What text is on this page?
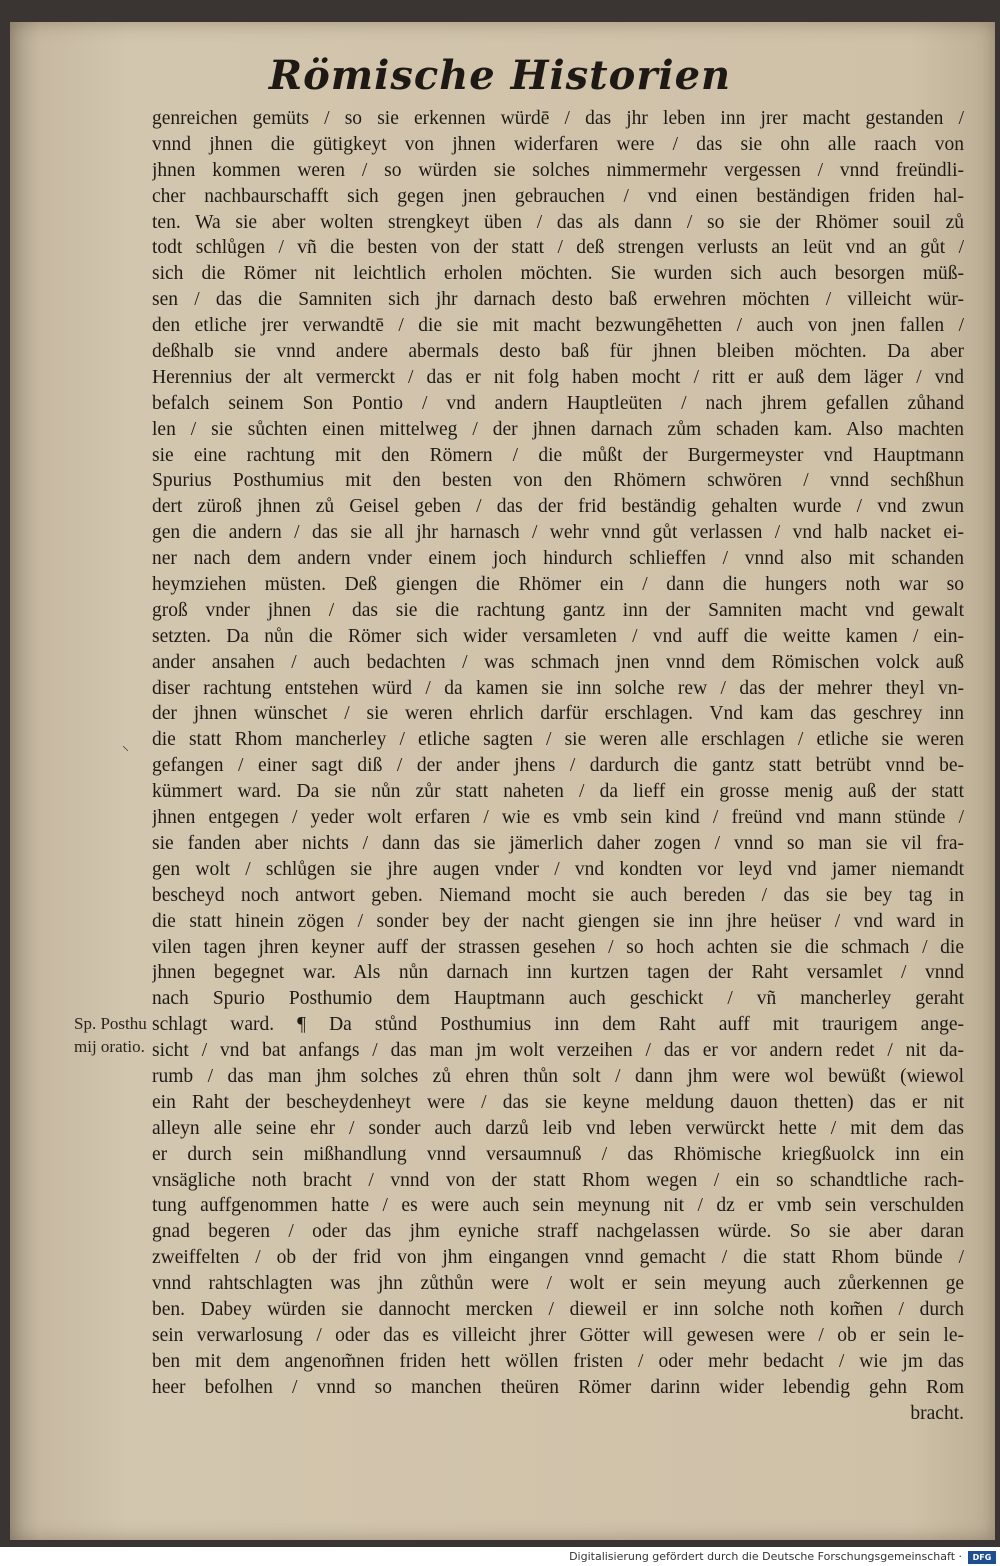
Römische Historien
genreichen gemüts / so sie erkennen würdē / das jhr leben inn jrer macht gestanden /
vnnd jhnen die gütigkeyt von jhnen widerfaren were / das sie ohn alle raach von
jhnen kommen weren / so würden sie solches nimmermehr vergessen / vnnd freündli-
cher nachbaurschafft sich gegen jnen gebrauchen / vnd einen beständigen friden hal-
ten. Wa sie aber wolten strengkeyt üben / das als dann / so sie der Rhömer souil zů
todt schlůgen / vñ die besten von der statt / deß strengen verlusts an leüt vnd an gůt /
sich die Römer nit leichtlich erholen möchten. Sie wurden sich auch besorgen müß-
sen / das die Samniten sich jhr darnach desto baß erwehren möchten / villeicht wür-
den etliche jrer verwandtē / die sie mit macht bezwungēhetten / auch von jnen fallen /
deßhalb sie vnnd andere abermals desto baß für jhnen bleiben möchten. Da aber
Herennius der alt vermerckt / das er nit folg haben mocht / ritt er auß dem läger / vnd
befalch seinem Son Pontio / vnd andern Hauptleüten / nach jhrem gefallen zůhand
len / sie sůchten einen mittelweg / der jhnen darnach zům schaden kam. Also machten
sie eine rachtung mit den Römern / die můßt der Burgermeyster vnd Hauptmann
Spurius Posthumius mit den besten von den Rhömern schwören / vnnd sechßhun
dert züroß jhnen zů Geisel geben / das der frid beständig gehalten wurde / vnd zwun
gen die andern / das sie all jhr harnasch / wehr vnnd gůt verlassen / vnd halb nacket ei-
ner nach dem andern vnder einem joch hindurch schlieffen / vnnd also mit schanden
heymziehen müsten. Deß giengen die Rhömer ein / dann die hungers noth war so
groß vnder jhnen / das sie die rachtung gantz inn der Samniten macht vnd gewalt
setzten. Da nůn die Römer sich wider versamleten / vnd auff die weitte kamen / ein-
ander ansahen / auch bedachten / was schmach jnen vnnd dem Römischen volck auß
diser rachtung entstehen würd / da kamen sie inn solche rew / das der mehrer theyl vn-
der jhnen wünschet / sie weren ehrlich darfür erschlagen. Vnd kam das geschrey inn
die statt Rhom mancherley / etliche sagten / sie weren alle erschlagen / etliche sie weren
gefangen / einer sagt diß / der ander jhens / dardurch die gantz statt betrübt vnnd be-
kümmert ward. Da sie nůn zůr statt naheten / da lieff ein grosse menig auß der statt
jhnen entgegen / yeder wolt erfaren / wie es vmb sein kind / freünd vnd mann stünde /
sie fanden aber nichts / dann das sie jämerlich daher zogen / vnnd so man sie vil fra-
gen wolt / schlůgen sie jhre augen vnder / vnd kondten vor leyd vnd jamer niemandt
bescheyd noch antwort geben. Niemand mocht sie auch bereden / das sie bey tag in
die statt hinein zögen / sonder bey der nacht giengen sie inn jhre heüser / vnd ward in
vilen tagen jhren keyner auff der strassen gesehen / so hoch achten sie die schmach / die
jhnen begegnet war. Als nůn darnach inn kurtzen tagen der Raht versamlet / vnnd
nach Spurio Posthumio dem Hauptmann auch geschickt / vñ mancherley geraht
schlagt ward. ¶ Da stůnd Posthumius inn dem Raht auff mit traurigem ange-
sicht / vnd bat anfangs / das man jm wolt verzeihen / das er vor andern redet / nit da-
rumb / das man jhm solches zů ehren thůn solt / dann jhm were wol bewüßt (wiewol
ein Raht der bescheydenheyt were / das sie keyne meldung dauon thetten) das er nit
alleyn alle seine ehr / sonder auch darzů leib vnd leben verwürckt hette / mit dem das
er durch sein mißhandlung vnnd versaumnuß / das Rhömische kriegßuolck inn ein
vnsägliche noth bracht / vnnd von der statt Rhom wegen / ein so schandtliche rach-
tung auffgenommen hatte / es were auch sein meynung nit / dz er vmb sein verschulden
gnad begeren / oder das jhm eyniche straff nachgelassen würde. So sie aber daran
zweiffelten / ob der frid von jhm eingangen vnnd gemacht / die statt Rhom bünde /
vnnd rahtschlagten was jhn zůthůn were / wolt er sein meyung auch zůerkennen ge
ben. Dabey würden sie dannocht mercken / dieweil er inn solche noth kom̃en / durch
sein verwarlosung / oder das es villeicht jhrer Götter will gewesen were / ob er sein le-
ben mit dem angenom̃nen friden hett wöllen fristen / oder mehr bedacht / wie jm das
heer befolhen / vnnd so manchen theüren Römer darinn wider lebendig gehn Rom
bracht.
⸜
Sp. Posthu
mij oratio.
Digitalisierung gefördert durch die Deutsche Forschungsgemeinschaft · DFG
